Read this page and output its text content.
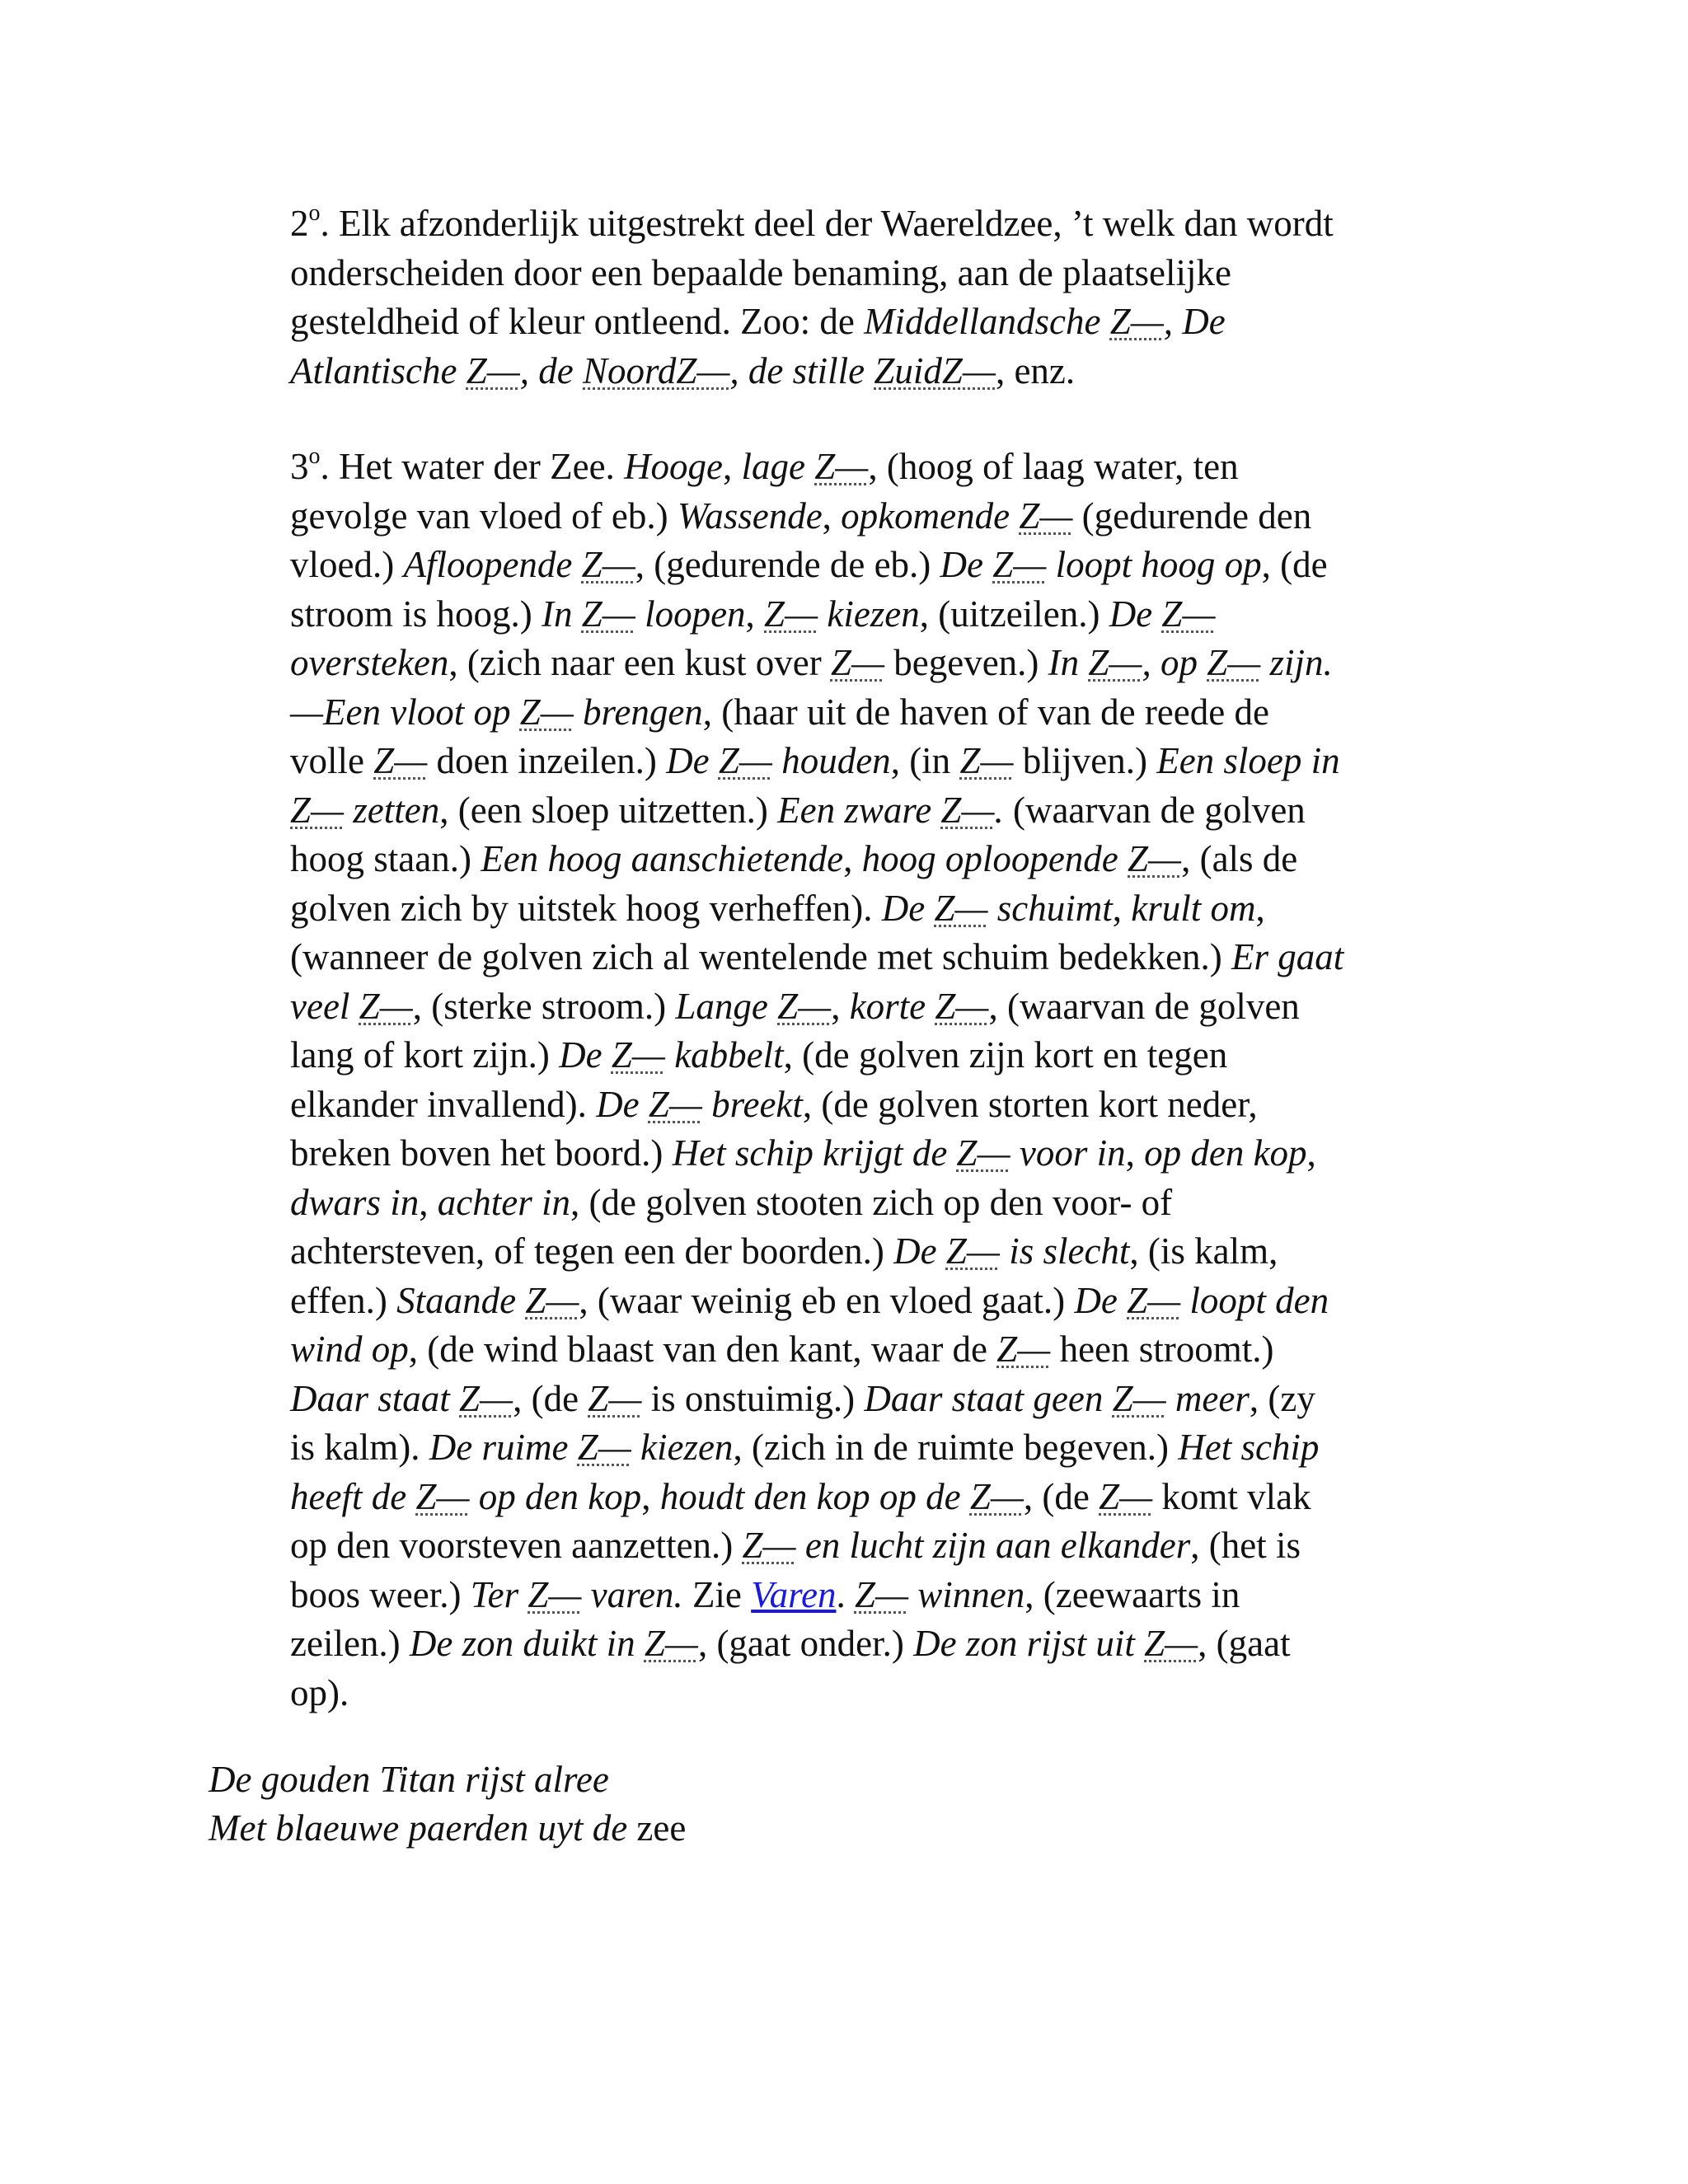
2$^o$. Elk afzonderlijk uitgestrekt deel der Waereldzee, ’t welk dan wordt
onderscheiden door een bepaalde benaming, aan de plaatselijke
gesteldheid of kleur ontleend. Zoo: de Middellandsche Z—, De
Atlantische Z—, de NoordZ—, de stille ZuidZ—, enz.
3$^o$. Het water der Zee. Hooge, lage Z—, (hoog of laag water, ten
gevolge van vloed of eb.) Wassende, opkomende Z— (gedurende den
vloed.) Afloopende Z—, (gedurende de eb.) De Z— loopt hoog op, (de
stroom is hoog.) In Z— loopen, Z— kiezen, (uitzeilen.) De Z—
oversteken, (zich naar een kust over Z— begeven.) In Z—, op Z— zijn.
—Een vloot op Z— brengen, (haar uit de haven of van de reede de
volle Z— doen inzeilen.) De Z— houden, (in Z— blijven.) Een sloep in
Z— zetten, (een sloep uitzetten.) Een zware Z—. (waarvan de golven
hoog staan.) Een hoog aanschietende, hoog oploopende Z—, (als de
golven zich by uitstek hoog verheffen). De Z— schuimt, krult om,
(wanneer de golven zich al wentelende met schuim bedekken.) Er gaat
veel Z—, (sterke stroom.) Lange Z—, korte Z—, (waarvan de golven
lang of kort zijn.) De Z— kabbelt, (de golven zijn kort en tegen
elkander invallend). De Z— breekt, (de golven storten kort neder,
breken boven het boord.) Het schip krijgt de Z— voor in, op den kop,
dwars in, achter in, (de golven stooten zich op den voor- of
achtersteven, of tegen een der boorden.) De Z— is slecht, (is kalm,
effen.) Staande Z—, (waar weinig eb en vloed gaat.) De Z— loopt den
wind op, (de wind blaast van den kant, waar de Z— heen stroomt.)
Daar staat Z—, (de Z— is onstuimig.) Daar staat geen Z— meer, (zy
is kalm). De ruime Z— kiezen, (zich in de ruimte begeven.) Het schip
heeft de Z— op den kop, houdt den kop op de Z—, (de Z— komt vlak
op den voorsteven aanzetten.) Z— en lucht zijn aan elkander, (het is
boos weer.) Ter Z— varen. Zie Varen. Z— winnen, (zeewaarts in
zeilen.) De zon duikt in Z—, (gaat onder.) De zon rijst uit Z—, (gaat
op).
De gouden Titan rijst alree
Met blaeuwe paerden uyt de zee
